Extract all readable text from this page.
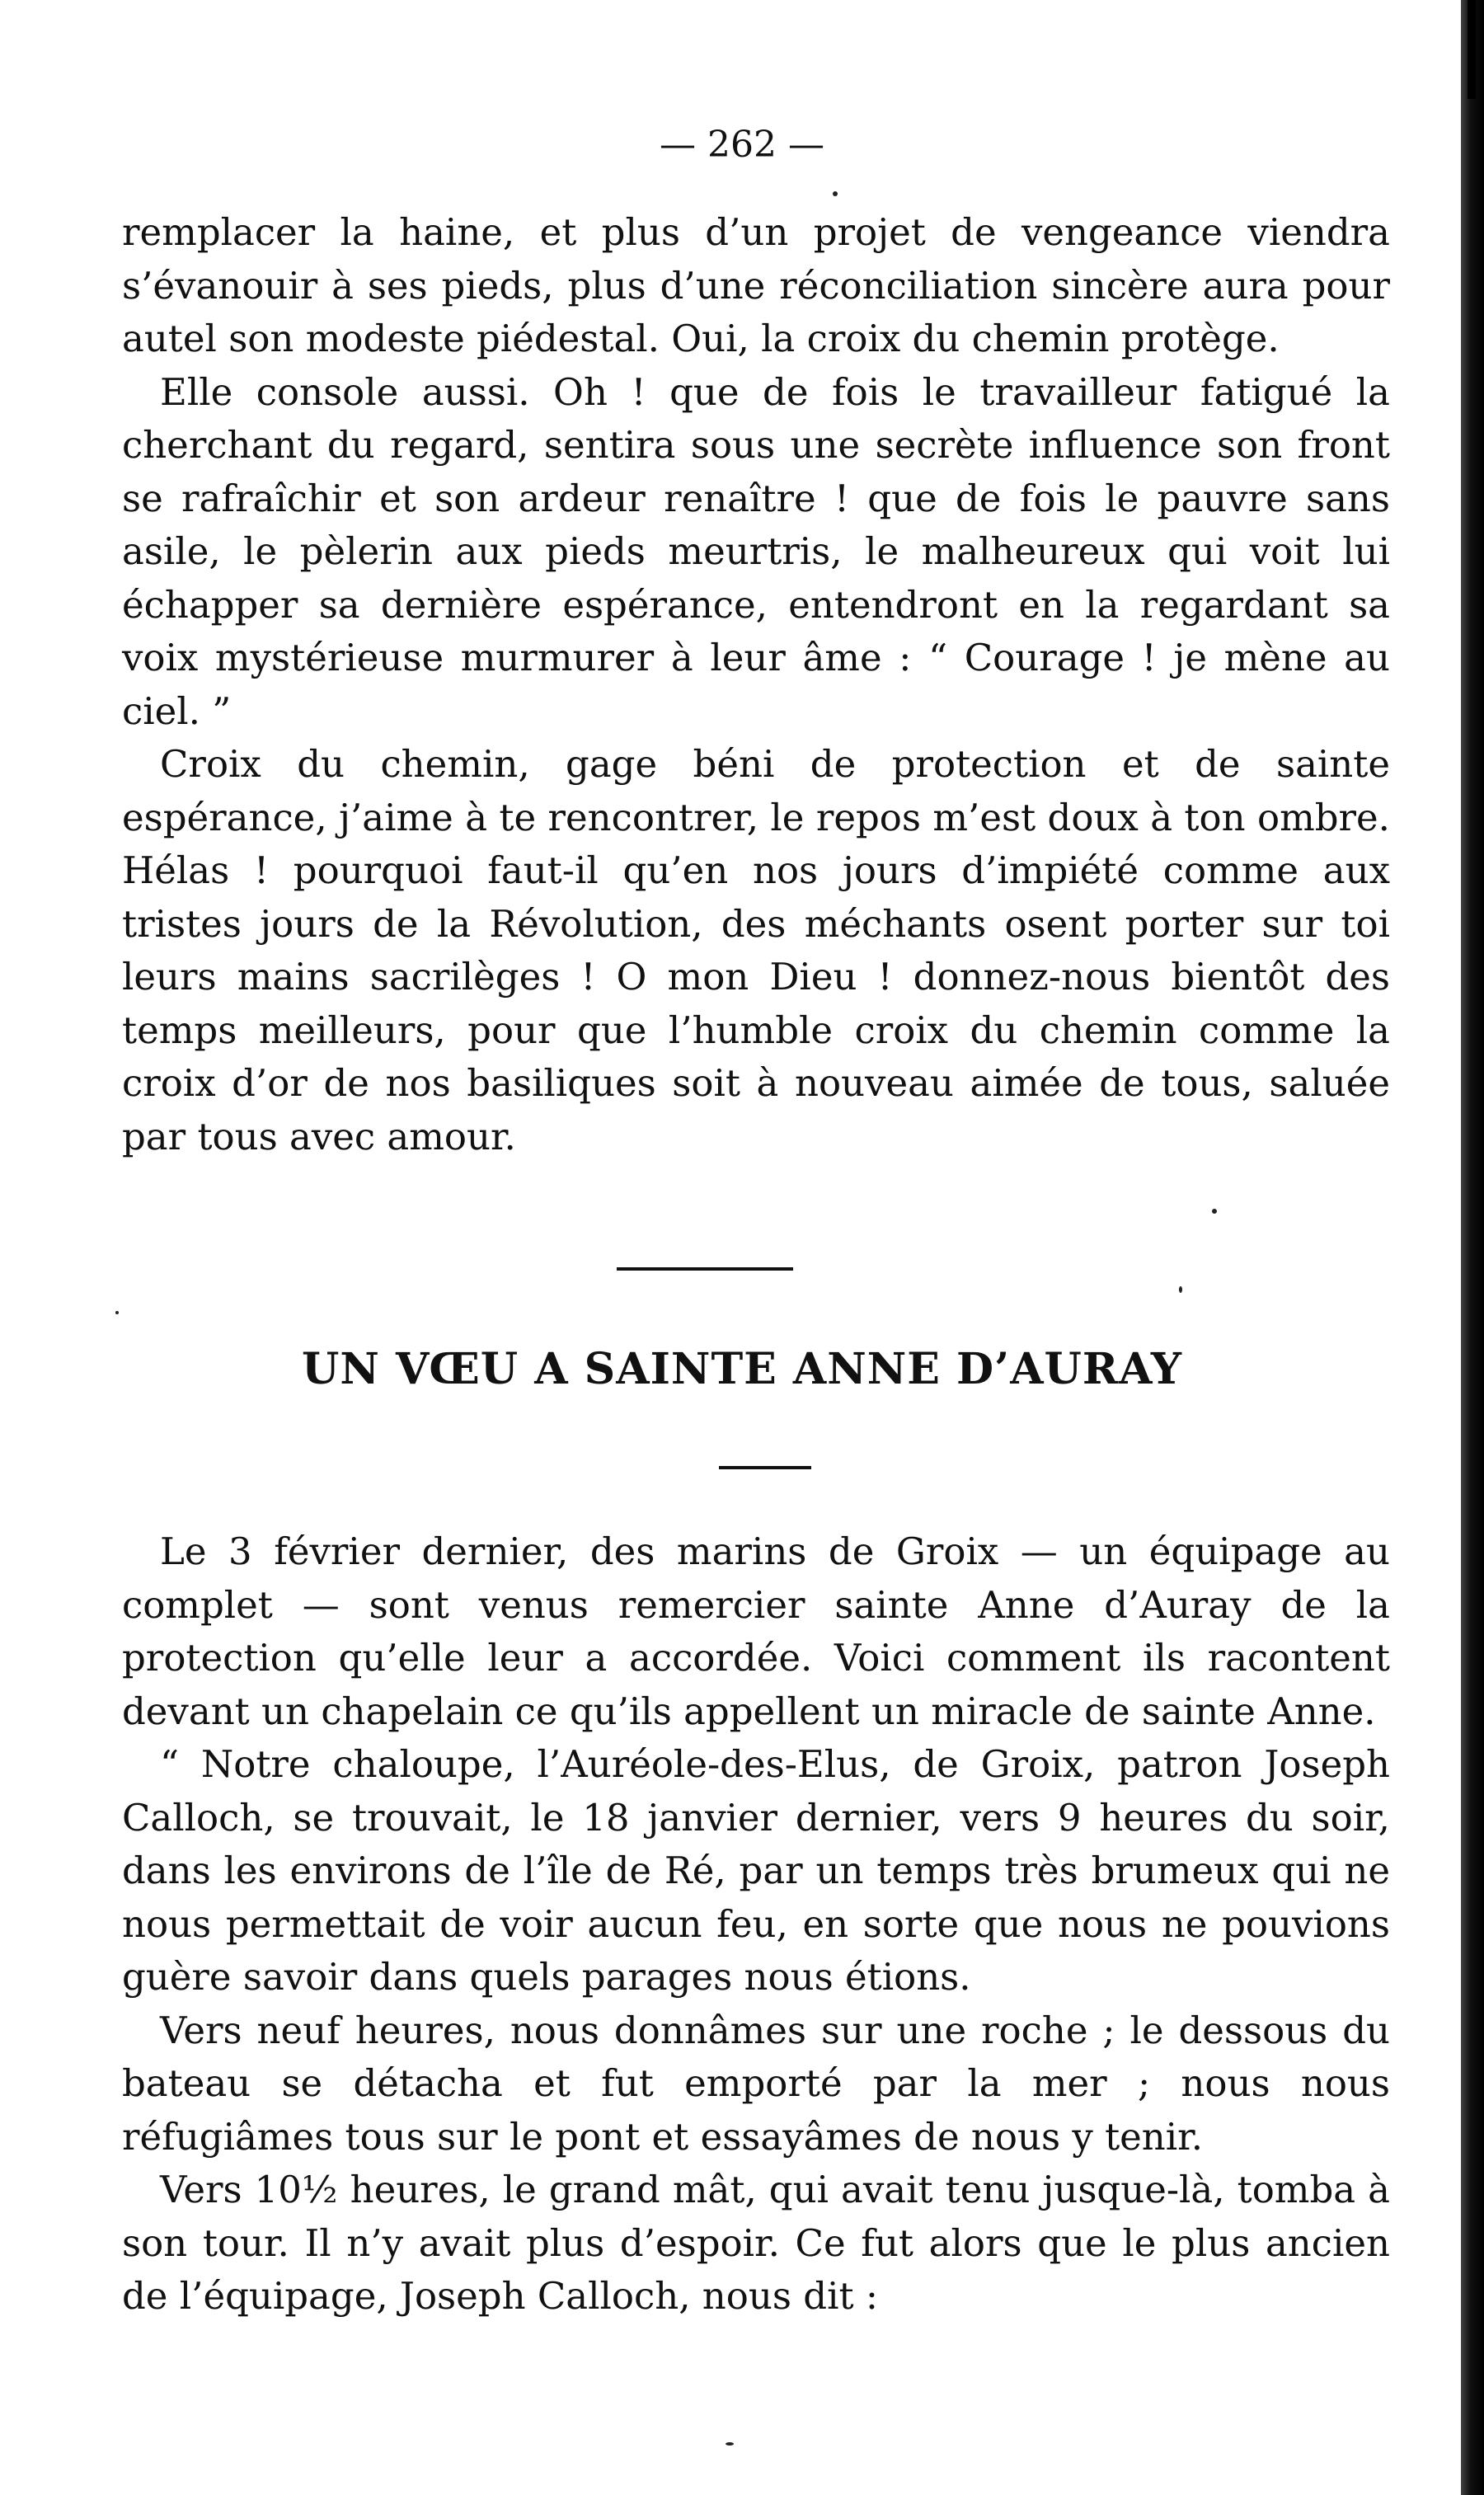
— 262 —

remplacer la haine, et plus d’un projet de vengeance viendra s’évanouir à ses pieds, plus d’une réconciliation sincère aura pour autel son modeste piédestal. Oui, la croix du chemin protège.

Elle console aussi. Oh ! que de fois le travailleur fatigué la cherchant du regard, sentira sous une secrète influence son front se rafraîchir et son ardeur renaître ! que de fois le pauvre sans asile, le pèlerin aux pieds meurtris, le malheureux qui voit lui échapper sa dernière espérance, entendront en la regardant sa voix mystérieuse murmurer à leur âme : “ Courage ! je mène au ciel. ”

Croix du chemin, gage béni de protection et de sainte espérance, j’aime à te rencontrer, le repos m’est doux à ton ombre. Hélas ! pourquoi faut-il qu’en nos jours d’impiété comme aux tristes jours de la Révolution, des méchants osent porter sur toi leurs mains sacrilèges ! O mon Dieu ! donnez-nous bientôt des temps meilleurs, pour que l’humble croix du chemin comme la croix d’or de nos basiliques soit à nouveau aimée de tous, saluée par tous avec amour.

UN VŒU A SAINTE ANNE D’AURAY

Le 3 février dernier, des marins de Groix — un équipage au complet — sont venus remercier sainte Anne d’Auray de la protection qu’elle leur a accordée. Voici comment ils racontent devant un chapelain ce qu’ils appellent un miracle de sainte Anne.

“ Notre chaloupe, l’Auréole-des-Elus, de Groix, patron Joseph Calloch, se trouvait, le 18 janvier dernier, vers 9 heures du soir, dans les environs de l’île de Ré, par un temps très brumeux qui ne nous permettait de voir aucun feu, en sorte que nous ne pouvions guère savoir dans quels parages nous étions.

Vers neuf heures, nous donnâmes sur une roche ; le dessous du bateau se détacha et fut emporté par la mer ; nous nous réfugiâmes tous sur le pont et essayâmes de nous y tenir.

Vers 10½ heures, le grand mât, qui avait tenu jusque-là, tomba à son tour. Il n’y avait plus d’espoir. Ce fut alors que le plus ancien de l’équipage, Joseph Calloch, nous dit :
